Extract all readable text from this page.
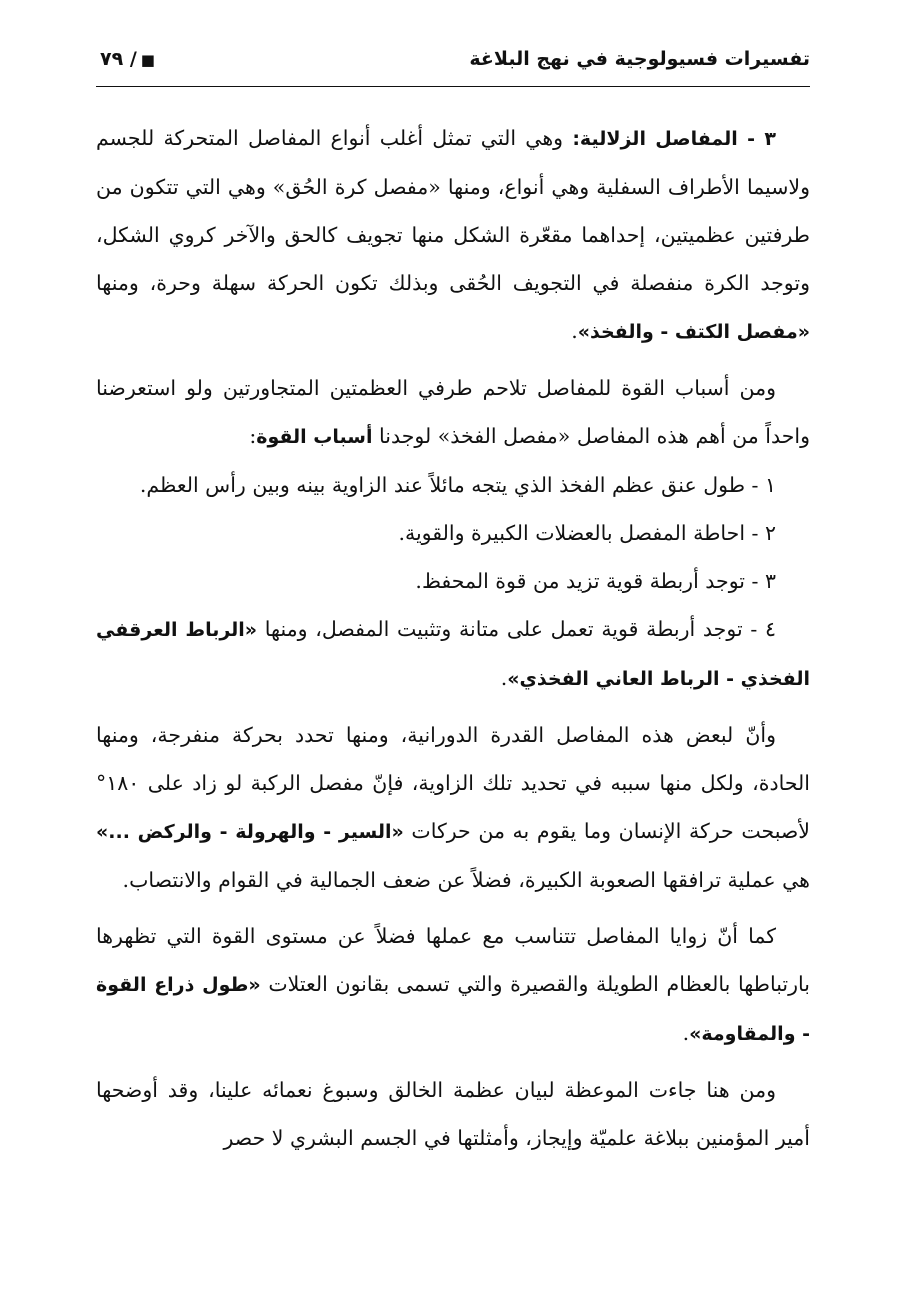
تفسيرات فسيولوجية في نهج البلاغة
■/ ٧٩

٣ - المفاصل الزلالية: وهي التي تمثل أغلب أنواع المفاصل المتحركة للجسم ولاسيما الأطراف السفلية وهي أنواع، ومنها «مفصل كرة الحُق» وهي التي تتكون من طرفتين عظميتين، إحداهما مقعّرة الشكل منها تجويف كالحق والآخر كروي الشكل، وتوجد الكرة منفصلة في التجويف الحُقى وبذلك تكون الحركة سهلة وحرة، ومنها «مفصل الكتف - والفخذ».

ومن أسباب القوة للمفاصل تلاحم طرفي العظمتين المتجاورتين ولو استعرضنا واحداً من أهم هذه المفاصل «مفصل الفخذ» لوجدنا أسباب القوة:

١ - طول عنق عظم الفخذ الذي يتجه مائلاً عند الزاوية بينه وبين رأس العظم.

٢ - احاطة المفصل بالعضلات الكبيرة والقوية.

٣ - توجد أربطة قوية تزيد من قوة المحفظ.

٤ - توجد أربطة قوية تعمل على متانة وتثبيت المفصل، ومنها «الرباط العرقفي الفخذي - الرباط العاني الفخذي».

وأنّ لبعض هذه المفاصل القدرة الدورانية، ومنها تحدد بحركة منفرجة، ومنها الحادة، ولكل منها سببه في تحديد تلك الزاوية، فإنّ مفصل الركبة لو زاد على ١٨٠° لأصبحت حركة الإنسان وما يقوم به من حركات «السير - والهرولة - والركض ...» هي عملية ترافقها الصعوبة الكبيرة، فضلاً عن ضعف الجمالية في القوام والانتصاب.

كما أنّ زوايا المفاصل تتناسب مع عملها فضلاً عن مستوى القوة التي تظهرها بارتباطها بالعظام الطويلة والقصيرة والتي تسمى بقانون العتلات «طول ذراع القوة - والمقاومة».

ومن هنا جاءت الموعظة لبيان عظمة الخالق وسبوغ نعمائه علينا، وقد أوضحها أمير المؤمنين ببلاغة علميّة وإيجاز، وأمثلتها في الجسم البشري لا حصر
